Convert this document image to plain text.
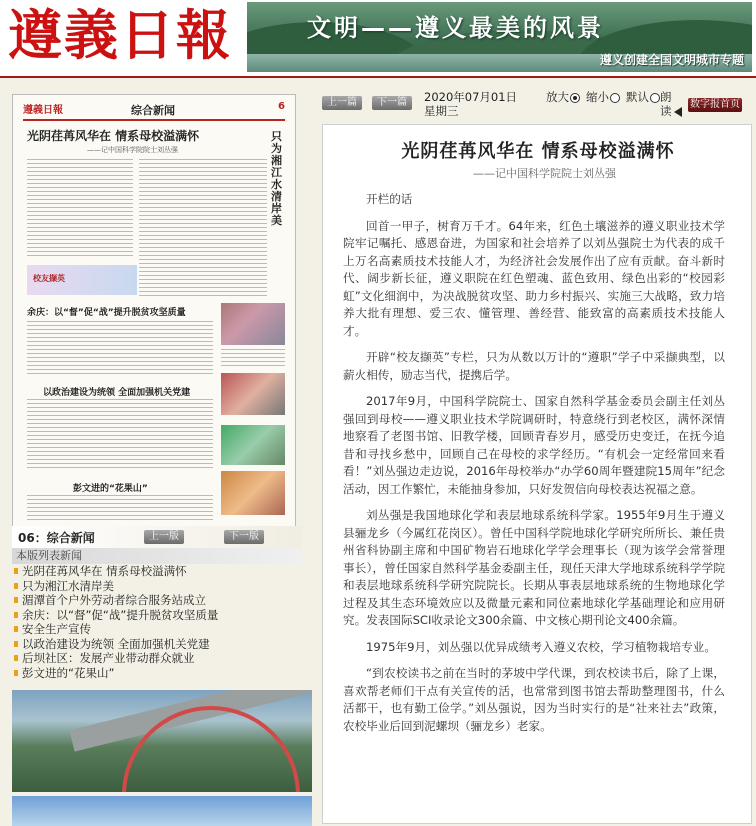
遵義日報	文明——遵义最美的风景
遵义创建全国文明城市专题
遵義日報	综合新闻	6
光阴荏苒风华在 情系母校溢满怀
——记中国科学院院士刘丛强
只为湘江水清岸美
校友撷英
余庆：以“督”促“战”提升脱贫攻坚质量
以政治建设为统领 全面加强机关党建
彭文进的“花果山”
06：综合新闻	上一版	下一版
本版列表新闻
光阴荏苒风华在 情系母校溢满怀
只为湘江水清岸美
湄潭首个户外劳动者综合服务站成立
余庆：以“督”促“战”提升脱贫攻坚质量
安全生产宣传
以政治建设为统领 全面加强机关党建
后坝社区：发展产业带动群众就业
彭文进的“花果山”
上一篇	下一篇	2020年07月01日 星期三
放大	缩小	默认 朗读	数字报首页
光阴荏苒风华在 情系母校溢满怀
——记中国科学院院士刘丛强

开栏的话

回首一甲子，树育万千才。64年来，红色土壤滋养的遵义职业技术学院牢记嘱托、感恩奋进，为国家和社会培养了以刘丛强院士为代表的成千上万名高素质技术技能人才，为经济社会发展作出了应有贡献。奋斗新时代、阔步新长征，遵义职院在红色塑魂、蓝色致用、绿色出彩的“校园彩虹”文化细润中，为决战脱贫攻坚、助力乡村振兴、实施三大战略，致力培养大批有理想、爱三农、懂管理、善经营、能致富的高素质技术技能人才。

开辟“校友撷英”专栏，只为从数以万计的“遵职”学子中采撷典型，以薪火相传，励志当代，提携后学。

2017年9月，中国科学院院士、国家自然科学基金委员会副主任刘丛强回到母校——遵义职业技术学院调研时，特意绕行到老校区，满怀深情地察看了老图书馆、旧教学楼，回顾青春岁月，感受历史变迁，在抚今追昔和寻找乡愁中，回顾自己在母校的求学经历。“有机会一定经常回来看看！”刘丛强边走边说，2016年母校举办“办学60周年暨建院15周年”纪念活动，因工作繁忙，未能抽身参加，只好发贺信向母校表达祝福之意。

刘丛强是我国地球化学和表层地球系统科学家。1955年9月生于遵义县骊龙乡（今属红花岗区）。曾任中国科学院地球化学研究所所长、兼任贵州省科协副主席和中国矿物岩石地球化学学会理事长（现为该学会常誉理事长），曾任国家自然科学基金委副主任，现任天津大学地球系统科学学院和表层地球系统科学研究院院长。长期从事表层地球系统的生物地球化学过程及其生态环境效应以及微量元素和同位素地球化学基础理论和应用研究。发表国际SCI收录论文300余篇、中文核心期刊论文400余篇。

1975年9月，刘丛强以优异成绩考入遵义农校，学习植物栽培专业。

“到农校读书之前在当时的茅坡中学代课，到农校读书后，除了上课，喜欢帮老师们干点有关宣传的活，也常常到图书馆去帮助整理图书，什么活都干，也有勤工俭学。”刘丛强说，因为当时实行的是“社来社去”政策，农校毕业后回到泥螺坝（骊龙乡）老家。
